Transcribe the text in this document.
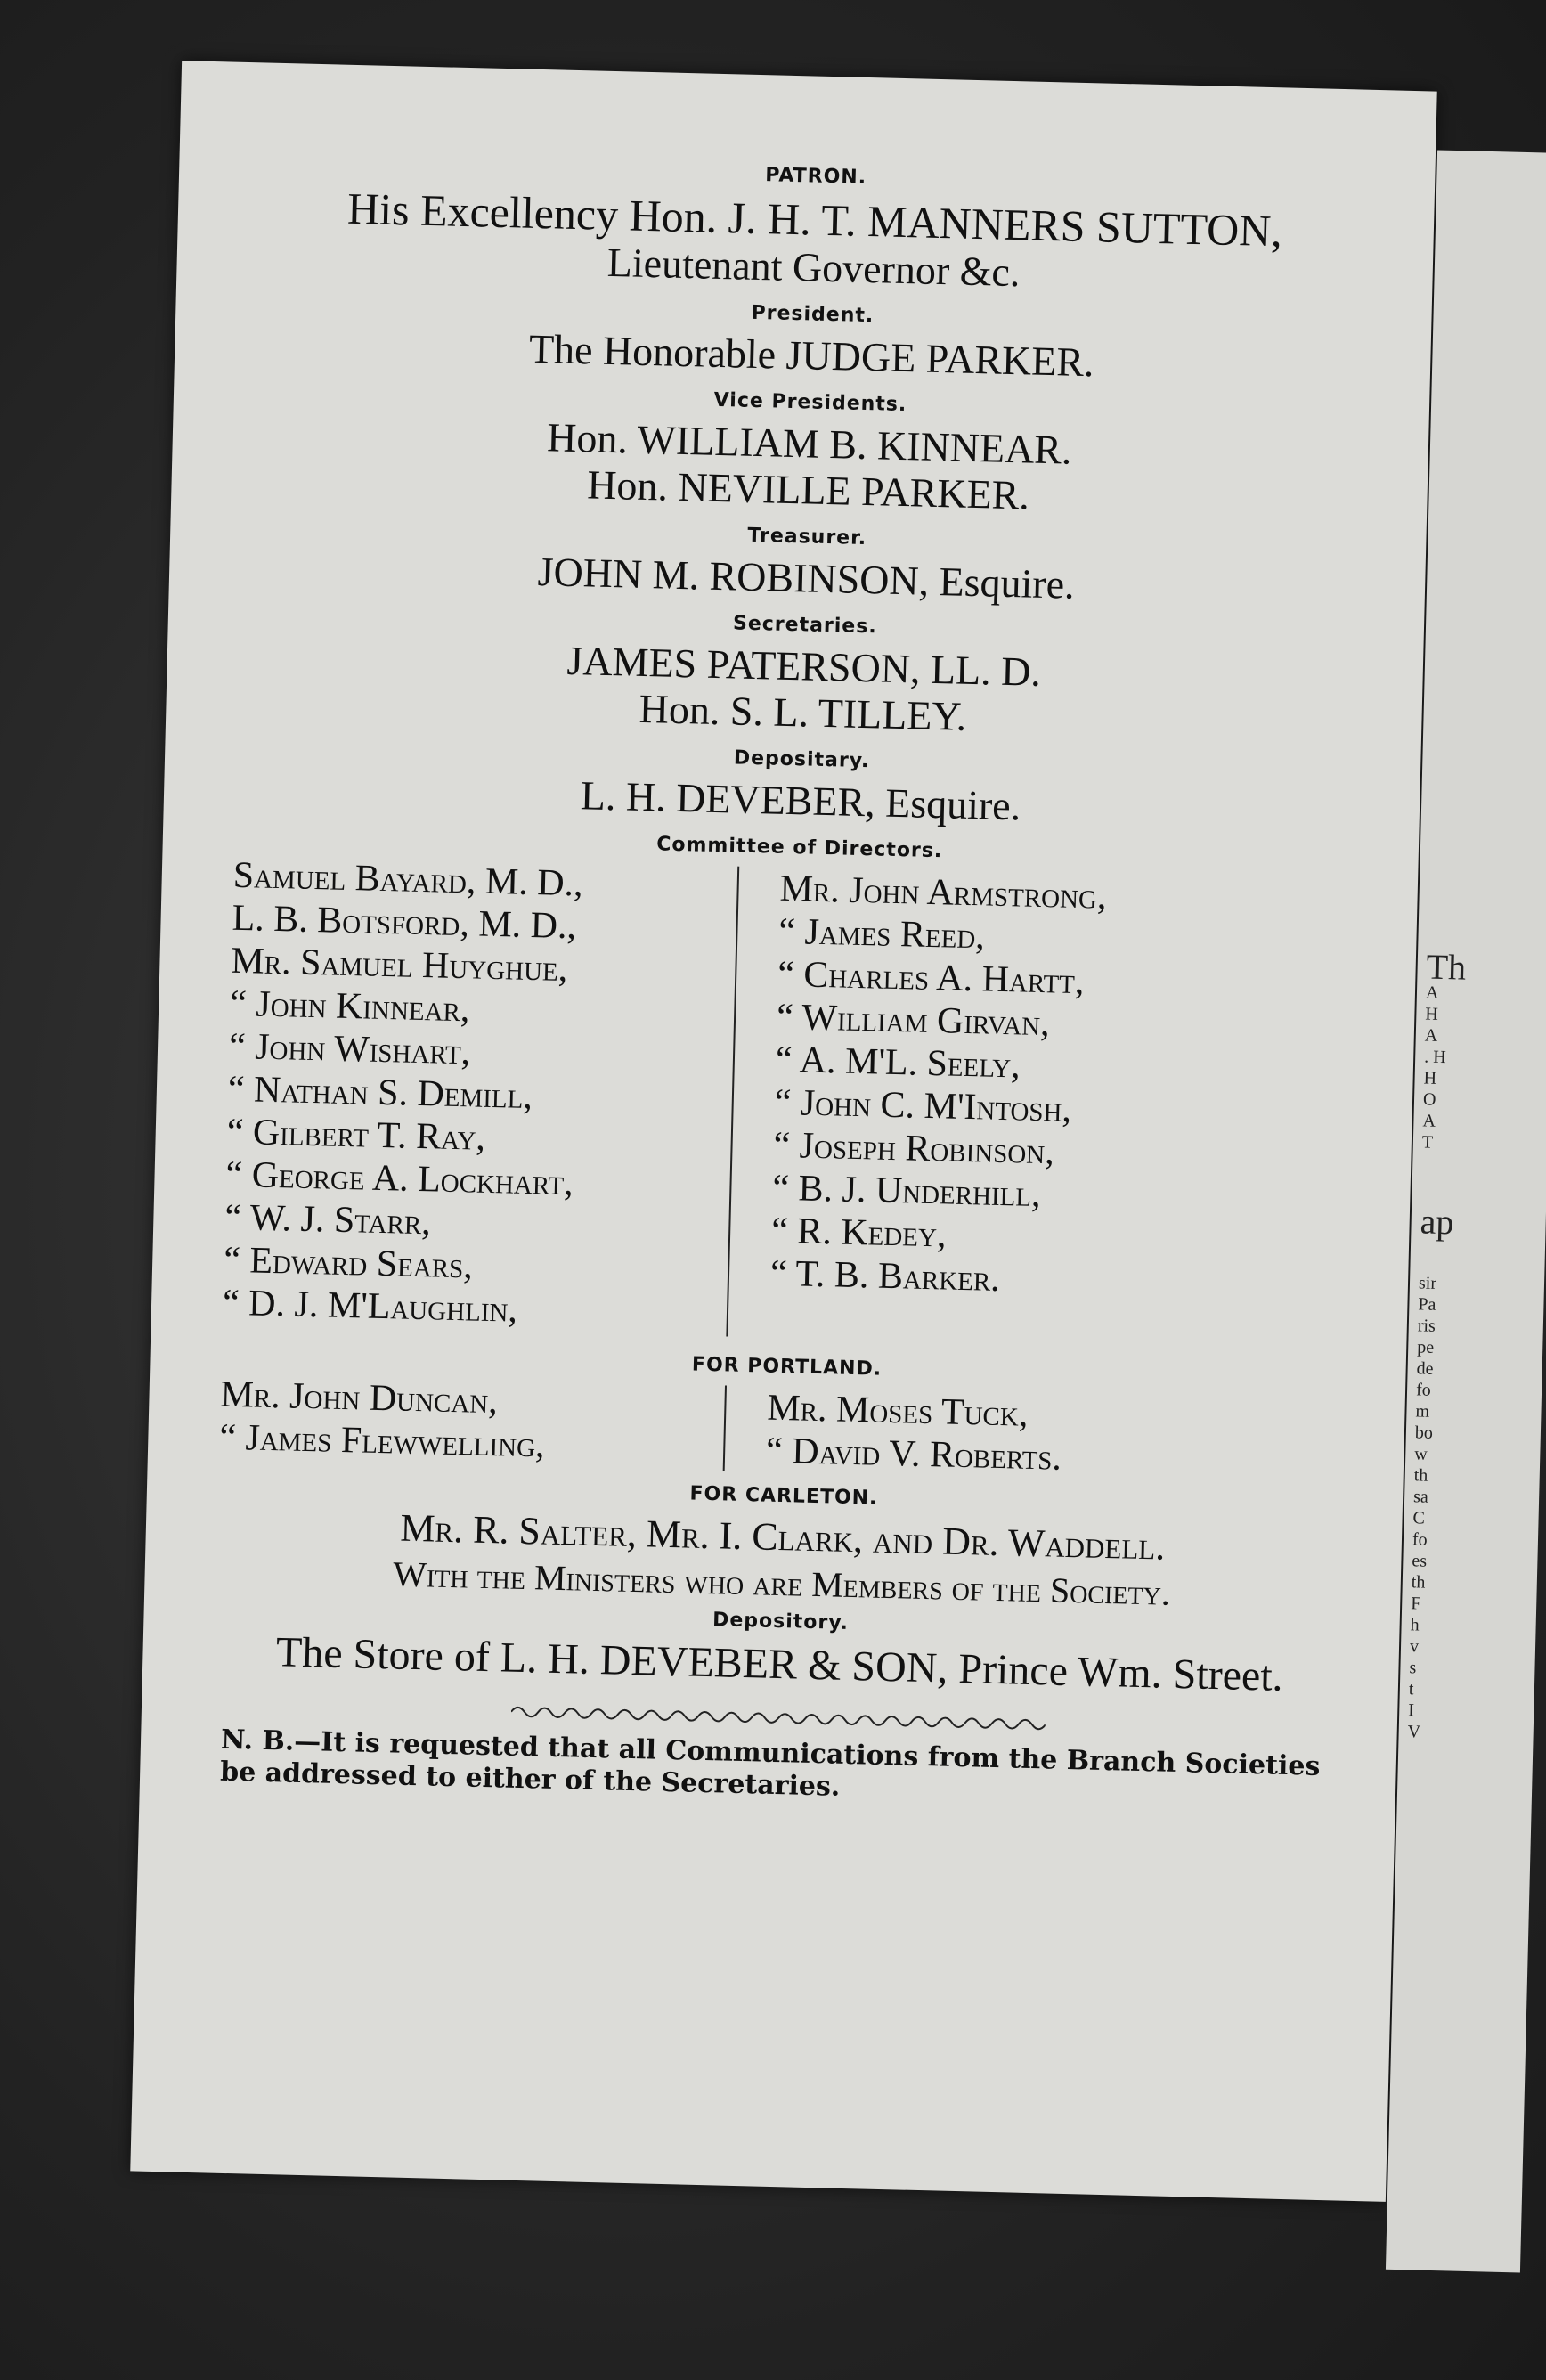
PATRON.
His Excellency Hon. J. H. T. MANNERS SUTTON,
Lieutenant Governor &c.
President.
The Honorable JUDGE PARKER.
Vice Presidents.
Hon. WILLIAM B. KINNEAR.
Hon. NEVILLE PARKER.
Treasurer.
JOHN M. ROBINSON, Esquire.
Secretaries.
JAMES PATERSON, LL. D.
Hon. S. L. TILLEY.
Depositary.
L. H. DEVEBER, Esquire.
Committee of Directors.
Samuel Bayard, M. D.,
L. B. Botsford, M. D.,
Mr. Samuel Huyghue,
“ John Kinnear,
“ John Wishart,
“ Nathan S. Demill,
“ Gilbert T. Ray,
“ George A. Lockhart,
“ W. J. Starr,
“ Edward Sears,
“ D. J. M'Laughlin,
Mr. John Armstrong,
“ James Reed,
“ Charles A. Hartt,
“ William Girvan,
“ A. M'L. Seely,
“ John C. M'Intosh,
“ Joseph Robinson,
“ B. J. Underhill,
“ R. Kedey,
“ T. B. Barker.
FOR PORTLAND.
Mr. John Duncan,
“ James Flewwelling,
Mr. Moses Tuck,
“ David V. Roberts.
FOR CARLETON.
Mr. R. Salter, Mr. I. Clark, and Dr. Waddell.
With the Ministers who are Members of the Society.
Depository.
The Store of L. H. DEVEBER & SON, Prince Wm. Street.
N. B.—It is requested that all Communications from the Branch Societies be addressed to either of the Secretaries.
Th
A
H
A
. H
H
O
A
T
ap
sir
Pa
ris
pe
de
fo
m
bo
w
th
sa
C
fo
es
th
F
h
v
s
t
I
V
